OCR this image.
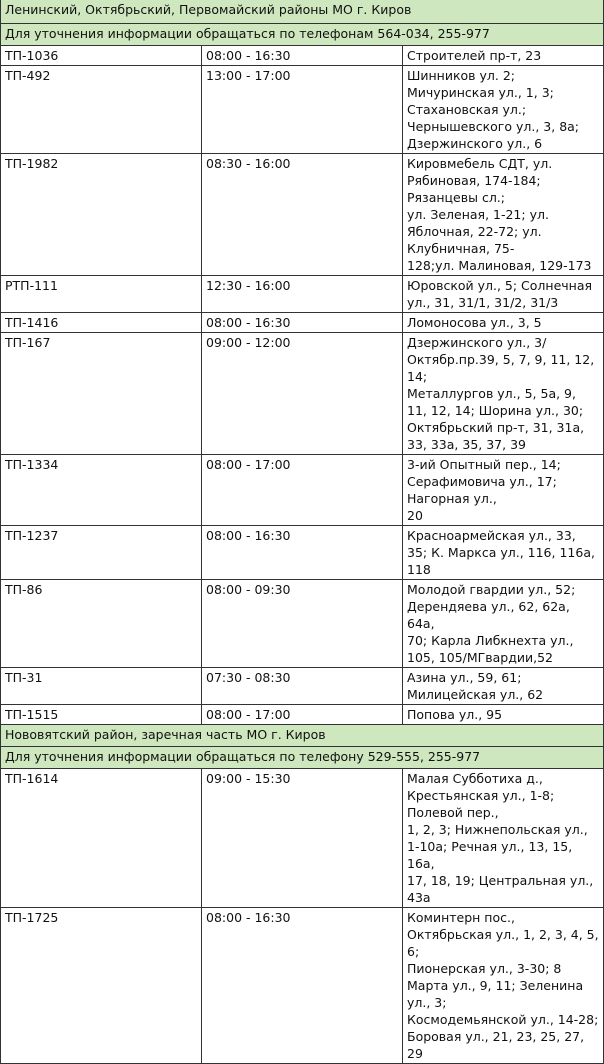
Ленинский, Октябрьский, Первомайский районы МО г. Киров		
Для уточнения информации обращаться по телефонам 564-034, 255-977		
ТП-1036	08:00 - 16:30	Строителей пр-т, 23

ТП-492	13:00 - 17:00	Шинников ул. 2; Мичуринская ул., 1, 3; Стахановская ул.;
Чернышевского ул., 3, 8а; Дзержинского ул., 6

ТП-1982	08:30 - 16:00	Кировмебель СДТ, ул. Рябиновая, 174-184; Рязанцевы сл.;
ул. Зеленая, 1-21; ул. Яблочная, 22-72; ул. Клубничная, 75-
128;ул. Малиновая, 129-173

РТП-111	12:30 - 16:00	Юровской ул., 5; Солнечная ул., 31, 31/1, 31/2, 31/3

ТП-1416	08:00 - 16:30	Ломоносова ул., 3, 5

ТП-167	09:00 - 12:00	Дзержинского ул., 3/Октябр.пр.39, 5, 7, 9, 11, 12, 14;
Металлургов ул., 5, 5а, 9, 11, 12, 14; Шорина ул., 30;
Октябрьский пр-т, 31, 31а, 33, 33а, 35, 37, 39

ТП-1334	08:00 - 17:00	3-ий Опытный пер., 14; Серафимовича ул., 17; Нагорная ул.,
20

ТП-1237	08:00 - 16:30	Красноармейская ул., 33, 35; К. Маркса ул., 116, 116а, 118

ТП-86	08:00 - 09:30	Молодой гвардии ул., 52; Дерендяева ул., 62, 62а, 64а,
70; Карла Либкнехта ул., 105, 105/МГвардии,52

ТП-31	07:30 - 08:30	Азина ул., 59, 61; Милицейская ул., 62

ТП-1515	08:00 - 17:00	Попова ул., 95

Нововятский район, заречная часть МО г. Киров		
Для уточнения информации обращаться по телефону 529-555, 255-977		
ТП-1614	09:00 - 15:30	Малая Субботиха д., Крестьянская ул., 1-8; Полевой пер.,
1, 2, 3; Нижнепольская ул., 1-10а; Речная ул., 13, 15, 16а,
17, 18, 19; Центральная ул., 43а

ТП-1725	08:00 - 16:30	Коминтерн пос., Октябрьская ул., 1, 2, 3, 4, 5, 6;
Пионерская ул., 3-30; 8 Марта ул., 9, 11; Зеленина ул., 3;
Космодемьянской ул., 14-28; Боровая ул., 21, 23, 25, 27, 29
